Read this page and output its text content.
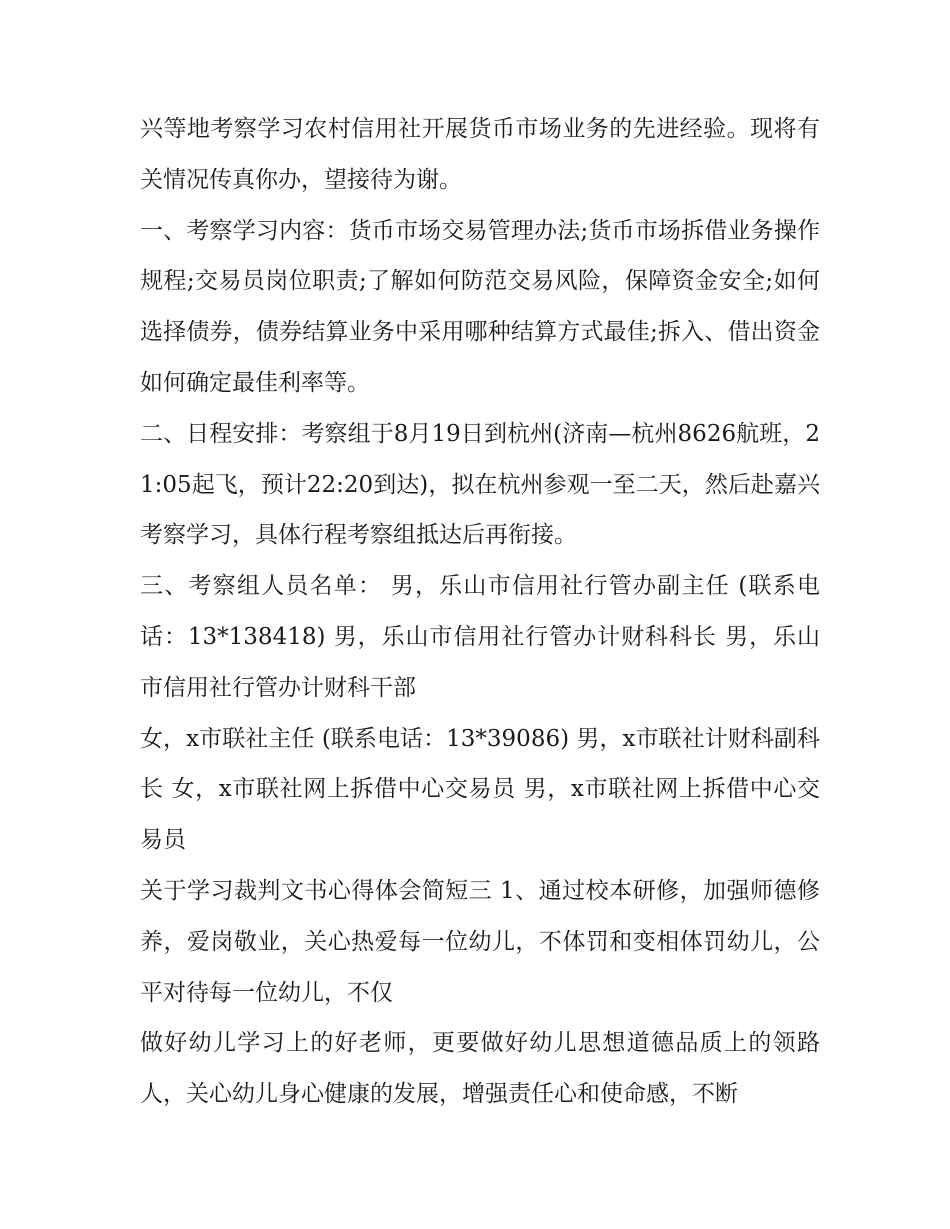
兴等地考察学习农村信用社开展货币市场业务的先进经验。现将有关情况传真你办，望接待为谢。

一、考察学习内容：货币市场交易管理办法;货币市场拆借业务操作规程;交易员岗位职责;了解如何防范交易风险，保障资金安全;如何选择债券，债券结算业务中采用哪种结算方式最佳;拆入、借出资金如何确定最佳利率等。

二、日程安排：考察组于8月19日到杭州(济南—杭州8626航班，21:05起飞，预计22:20到达)，拟在杭州参观一至二天，然后赴嘉兴考察学习，具体行程考察组抵达后再衔接。

三、考察组人员名单： 男，乐山市信用社行管办副主任 (联系电话：13*138418) 男，乐山市信用社行管办计财科科长 男，乐山市信用社行管办计财科干部

女，x市联社主任 (联系电话：13*39086) 男，x市联社计财科副科长 女，x市联社网上拆借中心交易员 男，x市联社网上拆借中心交易员

关于学习裁判文书心得体会简短三 1、通过校本研修，加强师德修养，爱岗敬业，关心热爱每一位幼儿，不体罚和变相体罚幼儿，公平对待每一位幼儿，不仅

做好幼儿学习上的好老师，更要做好幼儿思想道德品质上的领路人，关心幼儿身心健康的发展，增强责任心和使命感，不断
